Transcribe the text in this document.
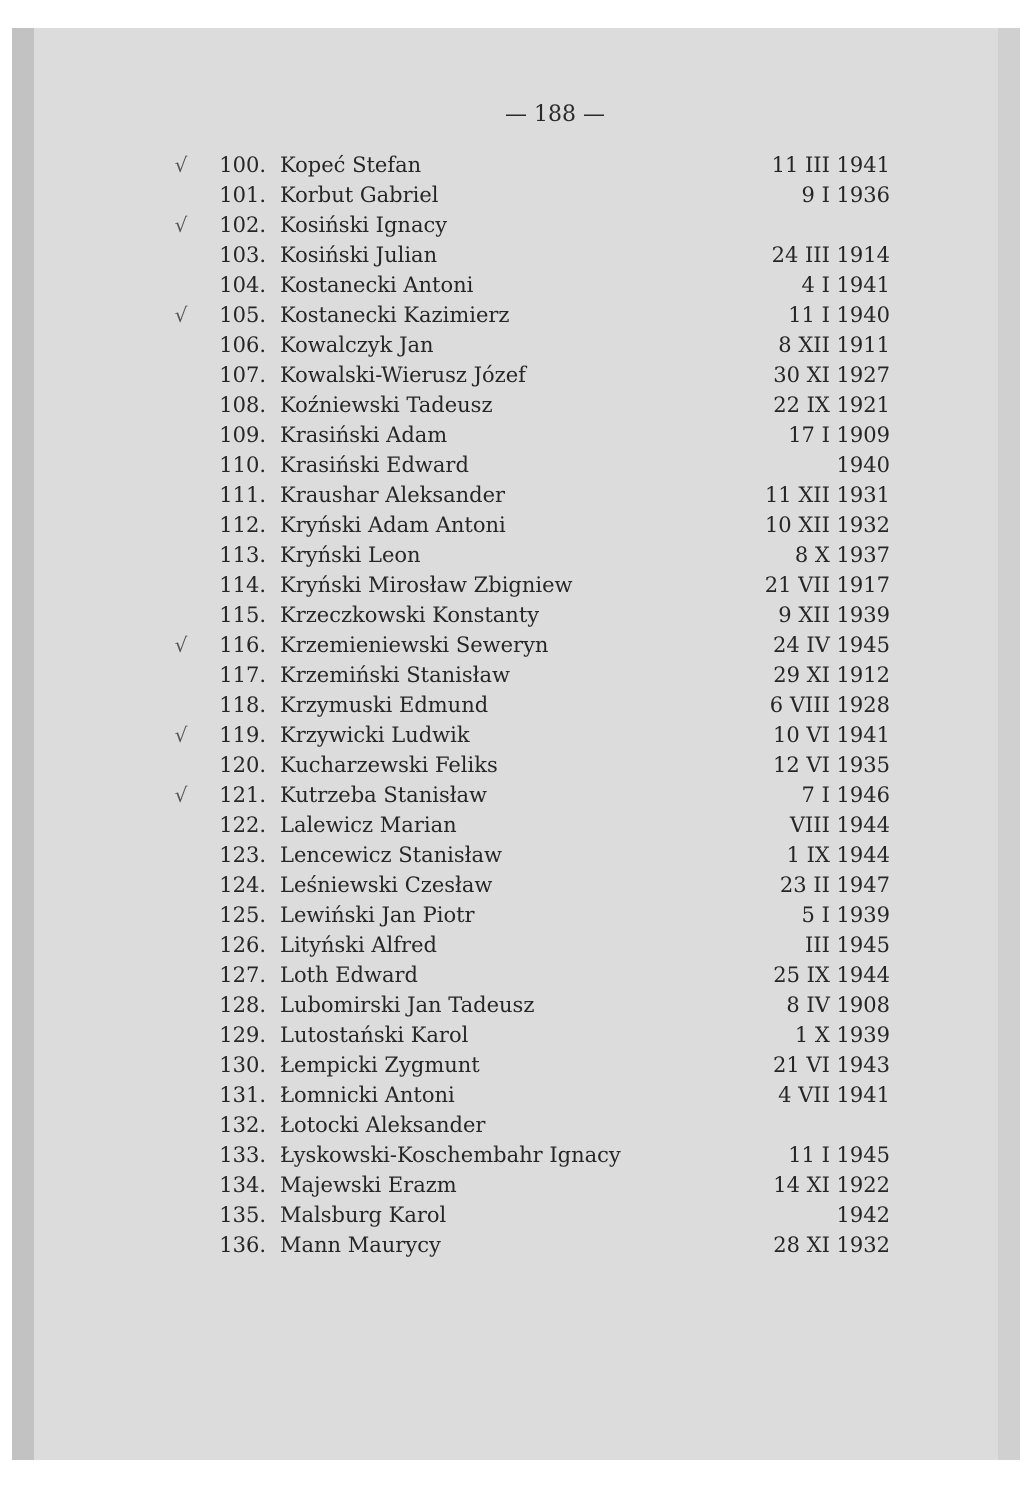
— 188 —
√	100. Kopeć Stefan	11 III 1941
101. Korbut Gabriel	9 I 1936
√	102. Kosiński Ignacy
103. Kosiński Julian	24 III 1914
104. Kostanecki Antoni	4 I 1941
√	105. Kostanecki Kazimierz	11 I 1940
106. Kowalczyk Jan	8 XII 1911
107. Kowalski-Wierusz Józef	30 XI 1927
108. Koźniewski Tadeusz	22 IX 1921
109. Krasiński Adam	17 I 1909
110. Krasiński Edward	1940
111. Kraushar Aleksander	11 XII 1931
112. Kryński Adam Antoni	10 XII 1932
113. Kryński Leon	8 X 1937
114. Kryński Mirosław Zbigniew	21 VII 1917
115. Krzeczkowski Konstanty	9 XII 1939
√	116. Krzemieniewski Seweryn	24 IV 1945
117. Krzemiński Stanisław	29 XI 1912
118. Krzymuski Edmund	6 VIII 1928
√	119. Krzywicki Ludwik	10 VI 1941
120. Kucharzewski Feliks	12 VI 1935
√	121. Kutrzeba Stanisław	7 I 1946
122. Lalewicz Marian	VIII 1944
123. Lencewicz Stanisław	1 IX 1944
124. Leśniewski Czesław	23 II 1947
125. Lewiński Jan Piotr	5 I 1939
126. Lityński Alfred	III 1945
127. Loth Edward	25 IX 1944
128. Lubomirski Jan Tadeusz	8 IV 1908
129. Lutostański Karol	1 X 1939
130. Łempicki Zygmunt	21 VI 1943
131. Łomnicki Antoni	4 VII 1941
132. Łotocki Aleksander
133. Łyskowski-Koschembahr Ignacy	11 I 1945
134. Majewski Erazm	14 XI 1922
135. Malsburg Karol	1942
136. Mann Maurycy	28 XI 1932
